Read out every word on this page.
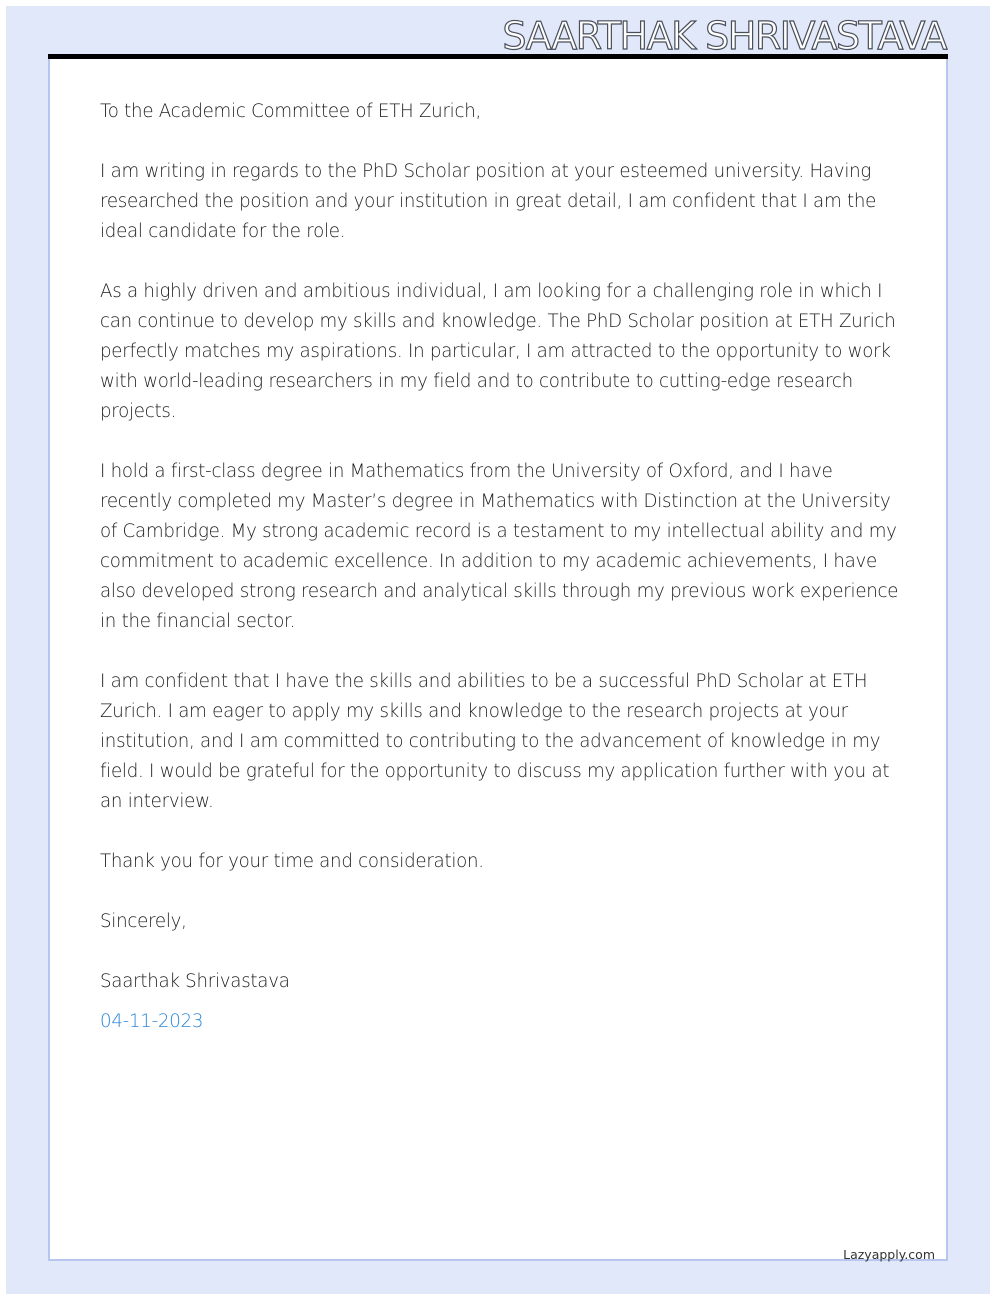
SAARTHAK SHRIVASTAVA

To the Academic Committee of ETH Zurich,

I am writing in regards to the PhD Scholar position at your esteemed university. Having researched the position and your institution in great detail, I am confident that I am the ideal candidate for the role.

As a highly driven and ambitious individual, I am looking for a challenging role in which I can continue to develop my skills and knowledge. The PhD Scholar position at ETH Zurich perfectly matches my aspirations. In particular, I am attracted to the opportunity to work with world-leading researchers in my field and to contribute to cutting-edge research projects.

I hold a first-class degree in Mathematics from the University of Oxford, and I have recently completed my Master’s degree in Mathematics with Distinction at the University of Cambridge. My strong academic record is a testament to my intellectual ability and my commitment to academic excellence. In addition to my academic achievements, I have also developed strong research and analytical skills through my previous work experience in the financial sector.

I am confident that I have the skills and abilities to be a successful PhD Scholar at ETH Zurich. I am eager to apply my skills and knowledge to the research projects at your institution, and I am committed to contributing to the advancement of knowledge in my field. I would be grateful for the opportunity to discuss my application further with you at an interview.

Thank you for your time and consideration.

Sincerely,

Saarthak Shrivastava

04-11-2023

Lazyapply.com
